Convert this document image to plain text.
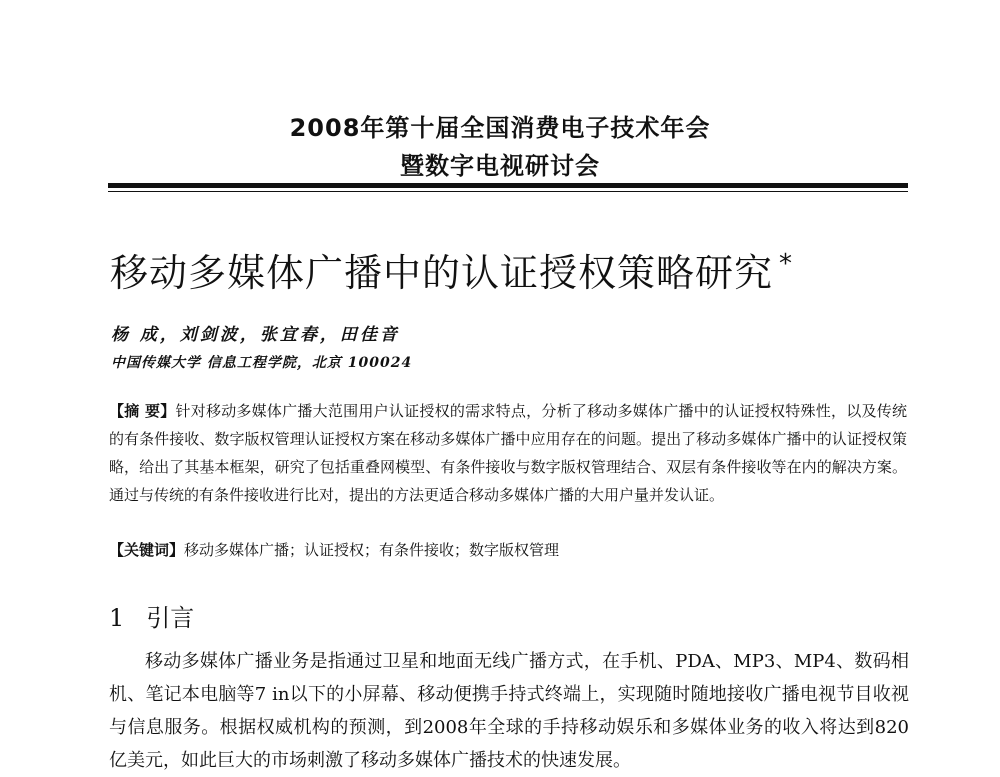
2008年第十届全国消费电子技术年会
暨数字电视研讨会
移动多媒体广播中的认证授权策略研究 *
杨 成，刘剑波，张宜春，田佳音
中国传媒大学 信息工程学院，北京 100024
【摘 要】针对移动多媒体广播大范围用户认证授权的需求特点，分析了移动多媒体广播中的认证授权特殊性，以及传统的有条件接收、数字版权管理认证授权方案在移动多媒体广播中应用存在的问题。提出了移动多媒体广播中的认证授权策略，给出了其基本框架，研究了包括重叠网模型、有条件接收与数字版权管理结合、双层有条件接收等在内的解决方案。通过与传统的有条件接收进行比对，提出的方法更适合移动多媒体广播的大用户量并发认证。
【关键词】移动多媒体广播；认证授权；有条件接收；数字版权管理
1 引言
移动多媒体广播业务是指通过卫星和地面无线广播方式，在手机、PDA、MP3、MP4、数码相机、笔记本电脑等7 in以下的小屏幕、移动便携手持式终端上，实现随时随地接收广播电视节目收视与信息服务。根据权威机构的预测，到2008年全球的手持移动娱乐和多媒体业务的收入将达到820亿美元，如此巨大的市场刺激了移动多媒体广播技术的快速发展。
